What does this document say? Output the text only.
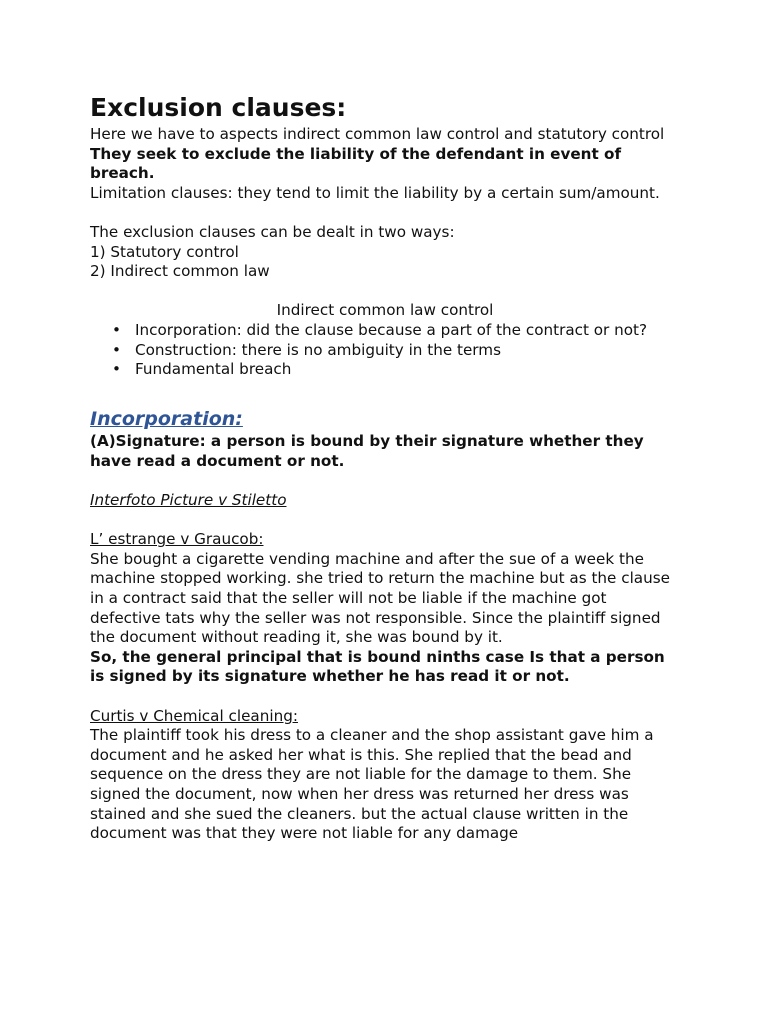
Exclusion clauses:

Here we have to aspects indirect common law control and statutory control

They seek to exclude the liability of the defendant in event of breach.

Limitation clauses: they tend to limit the liability by a certain sum/amount.

The exclusion clauses can be dealt in two ways:

1) Statutory control

2) Indirect common law

Indirect common law control

• Incorporation: did the clause because a part of the contract or not?
• Construction: there is no ambiguity in the terms
• Fundamental breach
Incorporation:

(A)Signature: a person is bound by their signature whether they have read a document or not.

Interfoto Picture v Stiletto

L’ estrange v Graucob:

She bought a cigarette vending machine and after the sue of a week the machine stopped working. she tried to return the machine but as the clause in a contract said that the seller will not be liable if the machine got defective tats why the seller was not responsible. Since the plaintiff signed the document without reading it, she was bound by it.

So, the general principal that is bound ninths case Is that a person is signed by its signature whether he has read it or not.

Curtis v Chemical cleaning:

The plaintiff took his dress to a cleaner and the shop assistant gave him a document and he asked her what is this. She replied that the bead and sequence on the dress they are not liable for the damage to them. She signed the document, now when her dress was returned her dress was stained and she sued the cleaners. but the actual clause written in the document was that they were not liable for any damage
